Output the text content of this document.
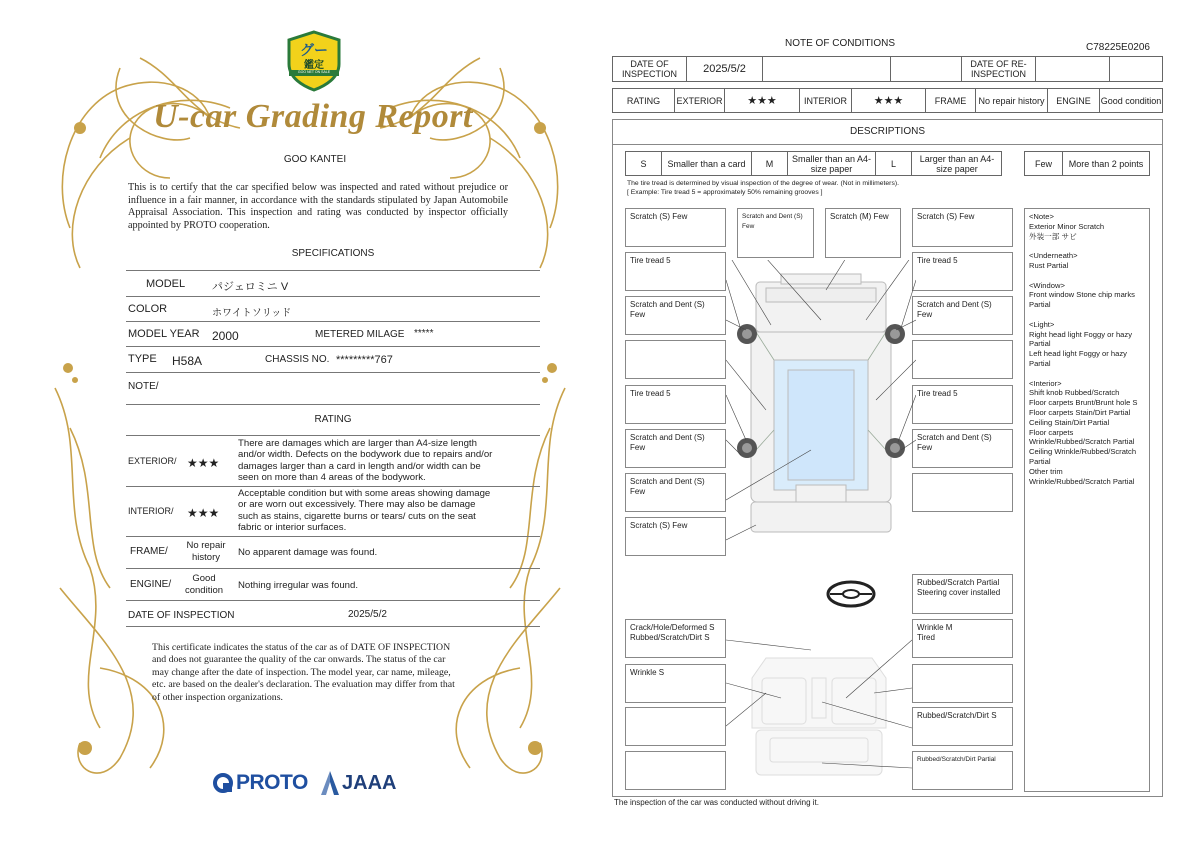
グー
鑑定
GOO NET ON SALE
U-car Grading Report
GOO KANTEI
This is to certify that the car specified below was inspected and rated without prejudice or influence in a fair manner, in accordance with the standards stipulated by Japan Automobile Appraisal Association. This inspection and rating was conducted by inspector officially appointed by PROTO cooperation.
SPECIFICATIONS
MODEL パジェロミニ V
COLOR	ホワイトソリッド
MODEL YEAR 2000	METERED MILAGE *****
TYPE H58A	CHASSIS NO. *********767
NOTE/
RATING
EXTERIOR/ ★★★
There are damages which are larger than A4-size length and/or width. Defects on the bodywork due to repairs and/or damages larger than a card in length and/or width can be seen on more than 4 areas of the bodywork.
INTERIOR/ ★★★
Acceptable condition but with some areas showing damage or are worn out excessively. There may also be damage such as stains, cigarette burns or tears/ cuts on the seat fabric or interior surfaces.
FRAME/
No repair history	No apparent damage was found.
ENGINE/
Good condition	Nothing irregular was found.
DATE OF INSPECTION	2025/5/2
This certificate indicates the status of the car as of DATE OF INSPECTION and does not guarantee the quality of the car onwards. The status of the car may change after the date of inspection. The model year, car name, mileage, etc. are based on the dealer's declaration. The evaluation may differ from that of other inspection organizations.
PROTO JAAA
NOTE OF CONDITIONS	C78225E0206
DATE OF INSPECTION	2025/5/2	DATE OF RE-INSPECTION
RATING	EXTERIOR	★★★	INTERIOR	★★★	FRAME	No repair history	ENGINE	Good condition
DESCRIPTIONS
S	Smaller than a card	M	Smaller than an A4-size paper	L	Larger than an A4-size paper	Few	More than 2 points
The tire tread is determined by visual inspection of the degree of wear. (Not in millimeters).
[ Example: Tire tread 5 = approximately 50% remaining grooves ]
Scratch (S) Few
Tire tread 5
Scratch and Dent (S) Few
Tire tread 5
Scratch and Dent (S) Few
Scratch and Dent (S) Few
Scratch (S) Few
Scratch and Dent (S) Few
Scratch (M) Few	Scratch (S) Few
Tire tread 5
Scratch and Dent (S) Few
Tire tread 5
Scratch and Dent (S) Few
Rubbed/Scratch Partial
Steering cover installed
Crack/Hole/Deformed S
Rubbed/Scratch/Dirt S
Wrinkle S
Wrinkle M
Tired
Rubbed/Scratch/Dirt S
Rubbed/Scratch/Dirt Partial
<Note>
Exterior Minor Scratch
外装一部 サビ

<Underneath>
Rust Partial

<Window>
Front window Stone chip marks Partial

<Light>
Right head light Foggy or hazy Partial
Left head light Foggy or hazy Partial

<Interior>
Shift knob Rubbed/Scratch
Floor carpets Brunt/Brunt hole S
Floor carpets Stain/Dirt Partial
Ceiling Stain/Dirt Partial
Floor carpets Wrinkle/Rubbed/Scratch Partial
Ceiling Wrinkle/Rubbed/Scratch Partial
Other trim Wrinkle/Rubbed/Scratch Partial
The inspection of the car was conducted without driving it.
